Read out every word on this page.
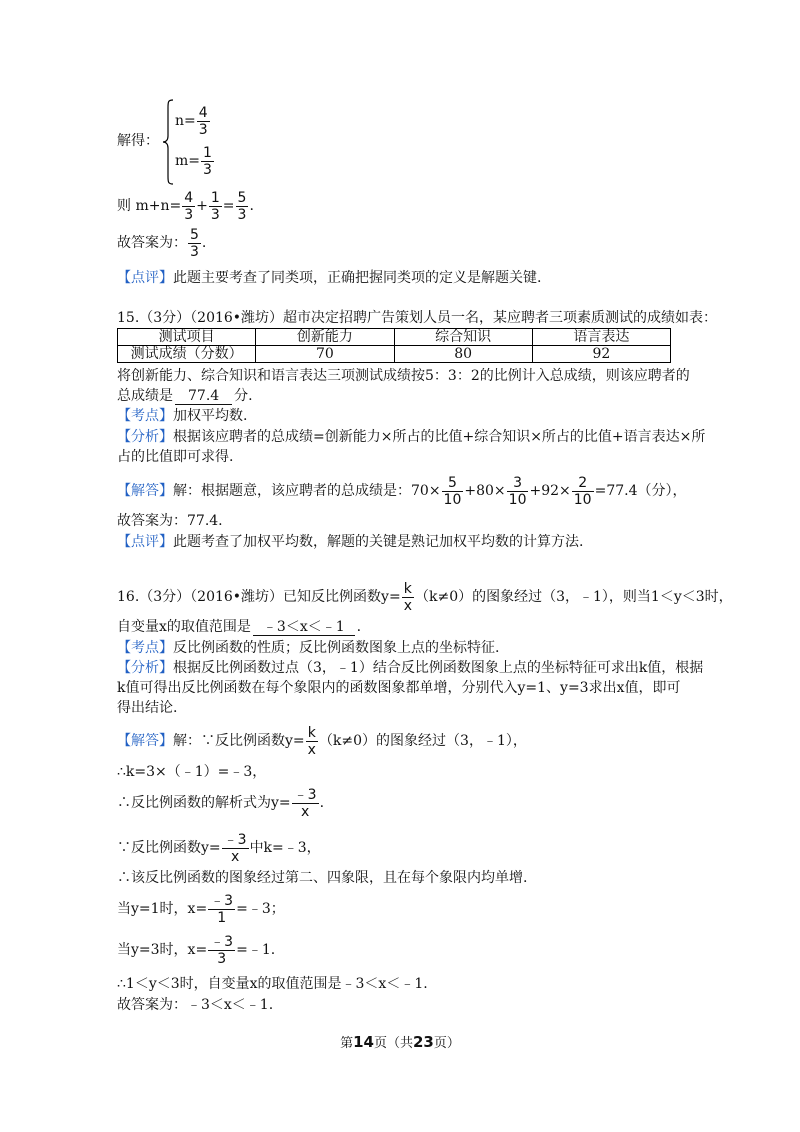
解得：
$n= \frac{4}{3}$
$m= \frac{1}{3}$
则 $m+n= \frac{4}{3} + \frac{1}{3} = \frac{5}{3}$ .
故答案为： $\frac{5}{3}$ .
【点评】 此题主要考查了同类项，正确把握同类项的定义是解题关键.
15.（3分）（2016•潍坊）超市决定招聘广告策划人员一名，某应聘者三项素质测试的成绩如表：
测试项目	创新能力	综合知识	语言表达
测试成绩（分数）	70	80	92
将创新能力、综合知识和语言表达三项测试成绩按5：3：2的比例计入总成绩，则该应聘者的
总成绩是	77.4	分.
【考点】 加权平均数.
【分析】 根据该应聘者的总成绩=创新能力×所占的比值+综合知识×所占的比值+语言表达×所
占的比值即可求得.
【解答】 解：根据题意，该应聘者的总成绩是：$70\times \frac{5}{10} +80\times \frac{3}{10} +92\times \frac{2}{10} =77.4$（分），
故答案为：77.4.
【点评】 此题考查了加权平均数，解题的关键是熟记加权平均数的计算方法.
16.（3分）（2016•潍坊）已知反比例函数$y= \frac{k}{x} (k\ne 0)$的图象经过（3，﹣1），则当1＜y＜3时，
自变量x的取值范围是 ﹣3＜x＜﹣1 .
【考点】 反比例函数的性质；反比例函数图象上点的坐标特征.
【分析】 根据反比例函数过点（3，﹣1）结合反比例函数图象上点的坐标特征可求出k值，根据
k值可得出反比例函数在每个象限内的函数图象都单增，分别代入y=1、y=3求出x值，即可
得出结论.
【解答】 解：∵反比例函数$y= \frac{k}{x} (k\ne 0)$的图象经过（3，﹣1），
∴k=3×（﹣1）=﹣3，
∴反比例函数的解析式为$y= \frac{﹣3}{x}$ .
∵反比例函数$y= \frac{﹣3}{x}$ 中k=﹣3，
∴该反比例函数的图象经过第二、四象限，且在每个象限内均单增.
当y=1时，$x= \frac{﹣3}{1}$ =﹣3；
当y=3时，$x= \frac{﹣3}{3}$ =﹣1.
∴1＜y＜3时，自变量x的取值范围是﹣3＜x＜﹣1.
故答案为：﹣3＜x＜﹣1.
第 14 页（共 23 页）
